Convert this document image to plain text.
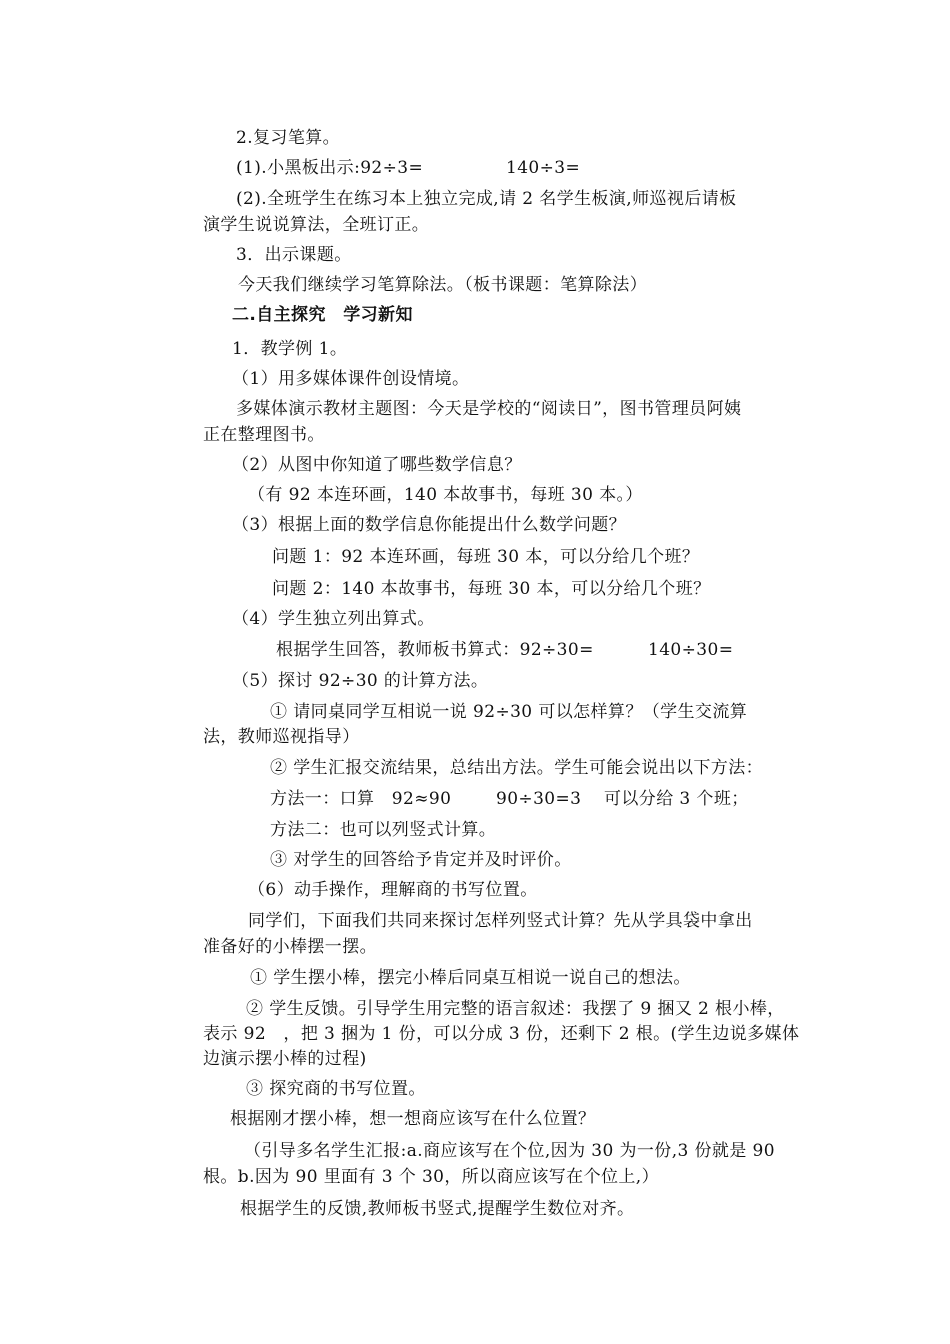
2.复习笔算。
(1).小黑板出示:92÷3=	140÷3=
(2).全班学生在练习本上独立完成,请 2 名学生板演,师巡视后请板
演学生说说算法，全班订正。
3．出示课题。
今天我们继续学习笔算除法。（板书课题：笔算除法）
二.自主探究　学习新知
1．教学例 1。
（1）用多媒体课件创设情境。
多媒体演示教材主题图：今天是学校的“阅读日”，图书管理员阿姨
正在整理图书。
（2）从图中你知道了哪些数学信息？
（有 92 本连环画，140 本故事书，每班 30 本。）
（3）根据上面的数学信息你能提出什么数学问题？
问题 1：92 本连环画，每班 30 本，可以分给几个班？
问题 2：140 本故事书，每班 30 本，可以分给几个班？
（4）学生独立列出算式。
根据学生回答，教师板书算式：92÷30=	140÷30=
（5）探讨 92÷30 的计算方法。
① 请同桌同学互相说一说 92÷30 可以怎样算？（学生交流算
法，教师巡视指导）
② 学生汇报交流结果，总结出方法。学生可能会说出以下方法：
方法一：口算　92≈90	90÷30=3 可以分给 3 个班；
方法二：也可以列竖式计算。
③ 对学生的回答给予肯定并及时评价。
（6）动手操作，理解商的书写位置。
同学们，下面我们共同来探讨怎样列竖式计算？先从学具袋中拿出
准备好的小棒摆一摆。
① 学生摆小棒，摆完小棒后同桌互相说一说自己的想法。
② 学生反馈。引导学生用完整的语言叙述：我摆了 9 捆又 2 根小棒，
表示 92　，把 3 捆为 1 份，可以分成 3 份，还剩下 2 根。(学生边说多媒体
边演示摆小棒的过程)
③ 探究商的书写位置。
根据刚才摆小棒，想一想商应该写在什么位置？
（引导多名学生汇报:a.商应该写在个位,因为 30 为一份,3 份就是 90
根。b.因为 90 里面有 3 个 30，所以商应该写在个位上,）
根据学生的反馈,教师板书竖式,提醒学生数位对齐。
